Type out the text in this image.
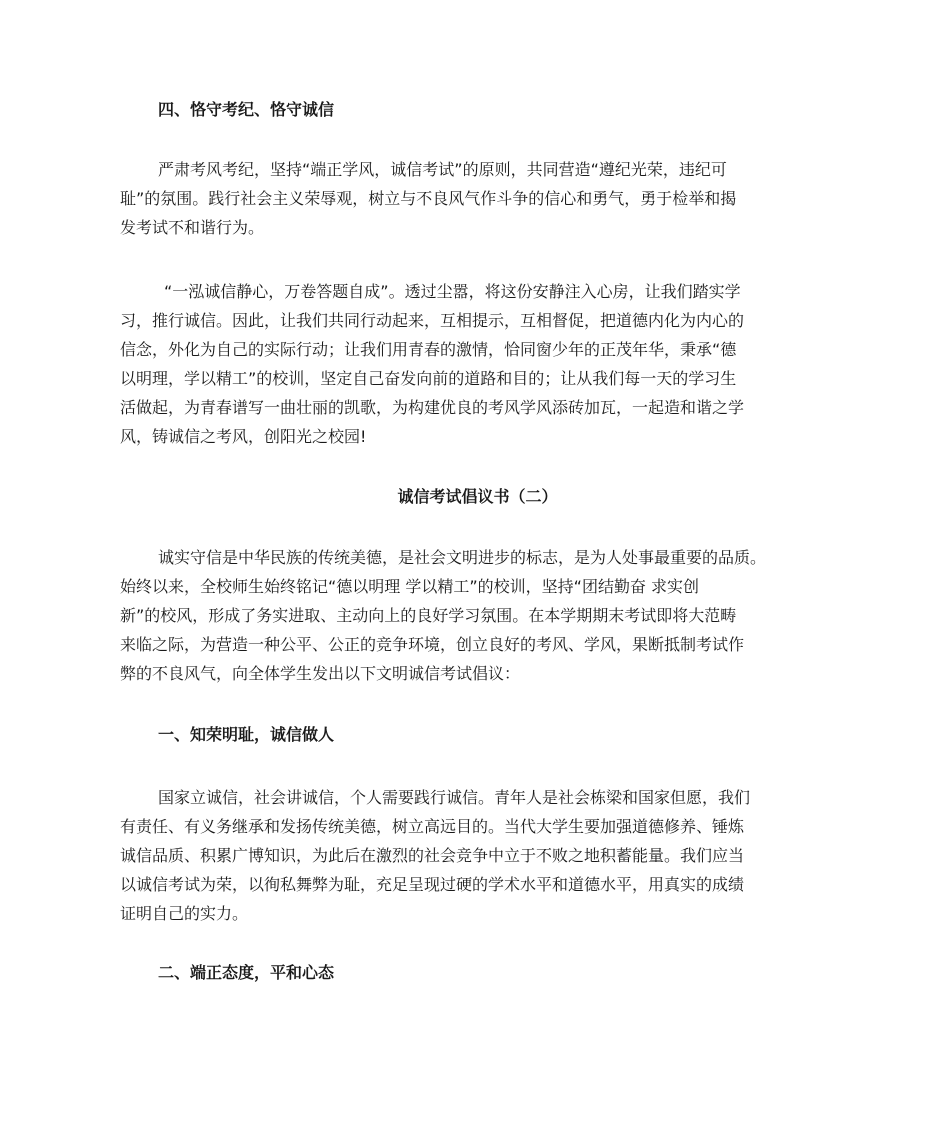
四、恪守考纪、恪守诚信
严肃考风考纪，坚持“端正学风，诚信考试”的原则，共同营造“遵纪光荣，违纪可
耻”的氛围。践行社会主义荣辱观，树立与不良风气作斗争的信心和勇气，勇于检举和揭
发考试不和谐行为。
“一泓诚信静心，万卷答题自成”。透过尘嚣，将这份安静注入心房，让我们踏实学
习，推行诚信。因此，让我们共同行动起来，互相提示，互相督促，把道德内化为内心的
信念，外化为自己的实际行动；让我们用青春的激情，恰同窗少年的正茂年华，秉承“德
以明理，学以精工”的校训，坚定自己奋发向前的道路和目的；让从我们每一天的学习生
活做起，为青春谱写一曲壮丽的凯歌，为构建优良的考风学风添砖加瓦，一起造和谐之学
风，铸诚信之考风，创阳光之校园!
诚信考试倡议书（二）
诚实守信是中华民族的传统美德，是社会文明进步的标志，是为人处事最重要的品质。
始终以来，全校师生始终铭记“德以明理 学以精工”的校训，坚持“团结勤奋 求实创
新”的校风，形成了务实进取、主动向上的良好学习氛围。在本学期期末考试即将大范畴
来临之际，为营造一种公平、公正的竞争环境，创立良好的考风、学风，果断抵制考试作
弊的不良风气，向全体学生发出以下文明诚信考试倡议：
一、知荣明耻，诚信做人
国家立诚信，社会讲诚信，个人需要践行诚信。青年人是社会栋梁和国家但愿，我们
有责任、有义务继承和发扬传统美德，树立高远目的。当代大学生要加强道德修养、锤炼
诚信品质、积累广博知识，为此后在激烈的社会竞争中立于不败之地积蓄能量。我们应当
以诚信考试为荣，以徇私舞弊为耻，充足呈现过硬的学术水平和道德水平，用真实的成绩
证明自己的实力。
二、端正态度，平和心态
